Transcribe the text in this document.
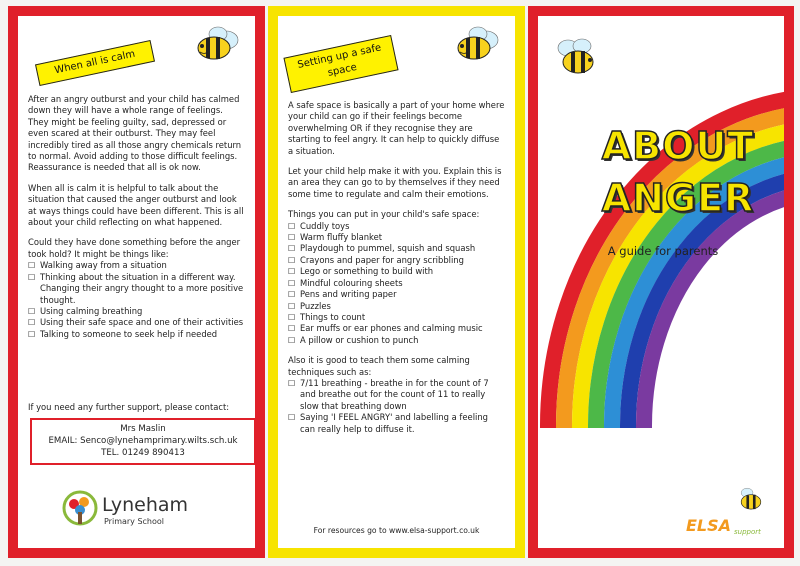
When all is calm

After an angry outburst and your child has calmed down they will have a whole range of feelings. They might be feeling guilty, sad, depressed or even scared at their outburst. They may feel incredibly tired as all those angry chemicals return to normal. Avoid adding to those difficult feelings. Reassurance is needed that all is ok now.

When all is calm it is helpful to talk about the situation that caused the anger outburst and look at ways things could have been different. This is all about your child reflecting on what happened.

Could they have done something before the anger took hold? It might be things like:

☐ Walking away from a situation
☐ Thinking about the situation in a different way. Changing their angry thought to a more positive thought.
☐ Using calming breathing
☐ Using their safe space and one of their activities
☐ Talking to someone to seek help if needed
If you need any further support, please contact:
Mrs Maslin
EMAIL: Senco@lynehamprimary.wilts.sch.uk
TEL. 01249 890413
Lyneham
Primary School
Setting up a safe space

A safe space is basically a part of your home where your child can go if their feelings become overwhelming OR if they recognise they are starting to feel angry. It can help to quickly diffuse a situation.

Let your child help make it with you. Explain this is an area they can go to by themselves if they need some time to regulate and calm their emotions.

Things you can put in your child's safe space:

☐ Cuddly toys
☐ Warm fluffy blanket
☐ Playdough to pummel, squish and squash
☐ Crayons and paper for angry scribbling
☐ Lego or something to build with
☐ Mindful colouring sheets
☐ Pens and writing paper
☐ Puzzles
☐ Things to count
☐ Ear muffs or ear phones and calming music
☐ A pillow or cushion to punch

Also it is good to teach them some calming techniques such as:

☐ 7/11 breathing - breathe in for the count of 7 and breathe out for the count of 11 to really slow that breathing down
☐ Saying 'I FEEL ANGRY' and labelling a feeling can really help to diffuse it.
For resources go to www.elsa-support.co.uk
ABOUT
ANGER
A guide for parents
ELSA support
